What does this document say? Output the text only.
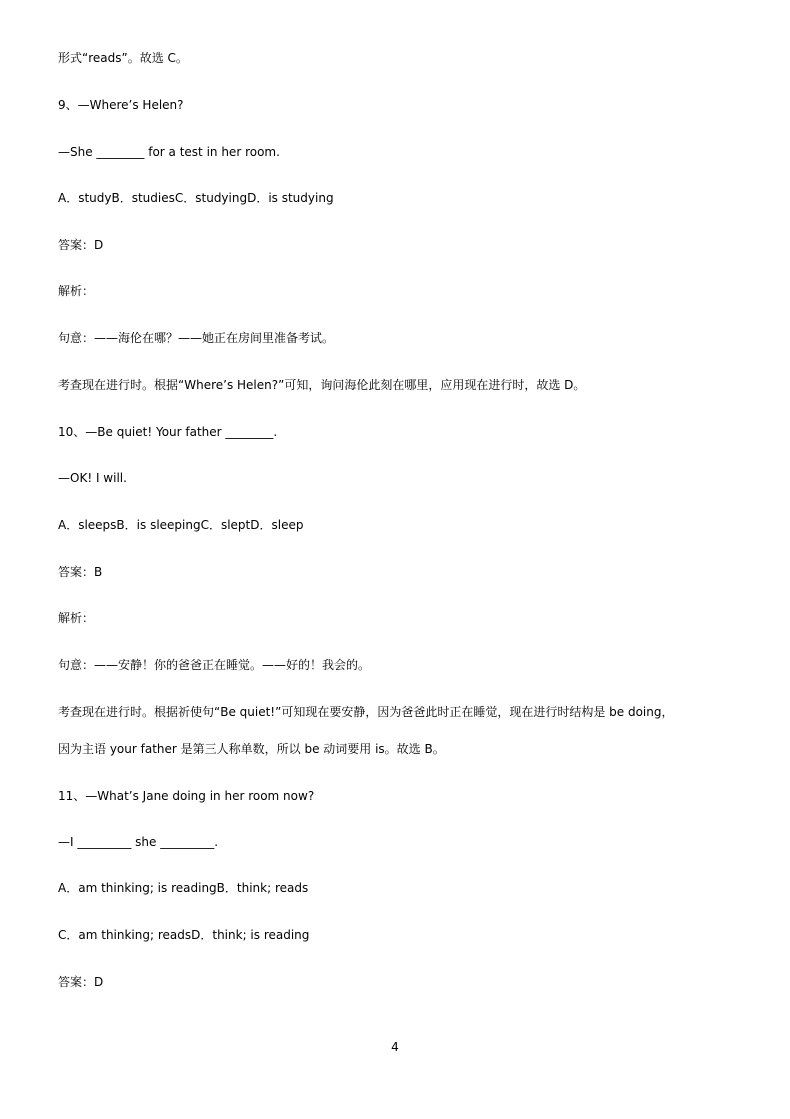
形式“reads”。故选 C。
9、—Where’s Helen?
—She ________ for a test in her room.
A．studyB．studiesC．studyingD．is studying
答案：D
解析：
句意：——海伦在哪？——她正在房间里准备考试。
考查现在进行时。根据“Where’s Helen?”可知，询问海伦此刻在哪里，应用现在进行时，故选 D。
10、—Be quiet! Your father ________.
—OK! I will.
A．sleepsB．is sleepingC．sleptD．sleep
答案：B
解析：
句意：——安静！你的爸爸正在睡觉。——好的！我会的。
考查现在进行时。根据祈使句“Be quiet!”可知现在要安静，因为爸爸此时正在睡觉，现在进行时结构是 be doing，
因为主语 your father 是第三人称单数，所以 be 动词要用 is。故选 B。
11、—What’s Jane doing in her room now?
—I _________ she _________.
A．am thinking; is readingB．think; reads
C．am thinking; readsD．think; is reading
答案：D
4
